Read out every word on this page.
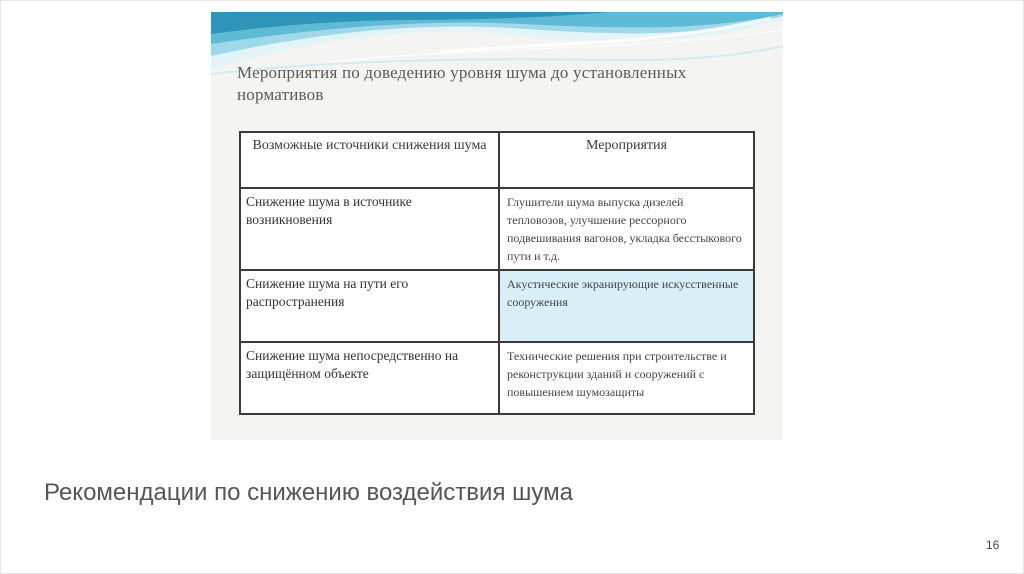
Мероприятия по доведению уровня шума до установленных нормативов
Возможные источники снижения шума	Мероприятия
Снижение шума в источнике возникновения	Глушители шума выпуска дизелей тепловозов, улучшение рессорного подвешивания вагонов, укладка бесстыкового пути и т.д.
Снижение шума на пути его распространения	Акустические экранирующие искусственные сооружения
Снижение шума непосредственно на защищённом объекте	Технические решения при строительстве и реконструкции зданий и сооружений с повышением шумозащиты
Рекомендации по снижению воздействия шума
16
